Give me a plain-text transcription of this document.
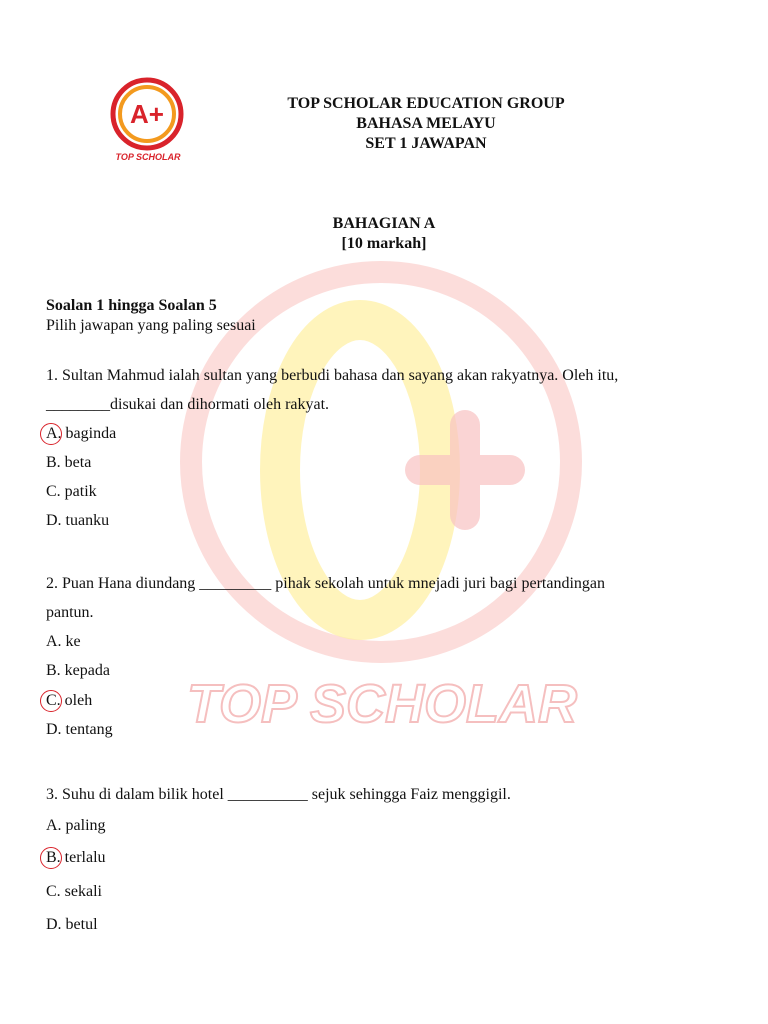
TOP SCHOLAR
A+
TOP SCHOLAR
TOP SCHOLAR EDUCATION GROUP
BAHASA MELAYU
SET 1 JAWAPAN
BAHAGIAN A
[10 markah]
Soalan 1 hingga Soalan 5
Pilih jawapan yang paling sesuai
1. Sultan Mahmud ialah sultan yang berbudi bahasa dan sayang akan rakyatnya. Oleh itu,
________disukai dan dihormati oleh rakyat.
A. baginda
B. beta
C. patik
D. tuanku
2. Puan Hana diundang _________ pihak sekolah untuk mnejadi juri bagi pertandingan
pantun.
A. ke
B. kepada
C. oleh
D. tentang
3. Suhu di dalam bilik hotel __________ sejuk sehingga Faiz menggigil.
A. paling
B. terlalu
C. sekali
D. betul
